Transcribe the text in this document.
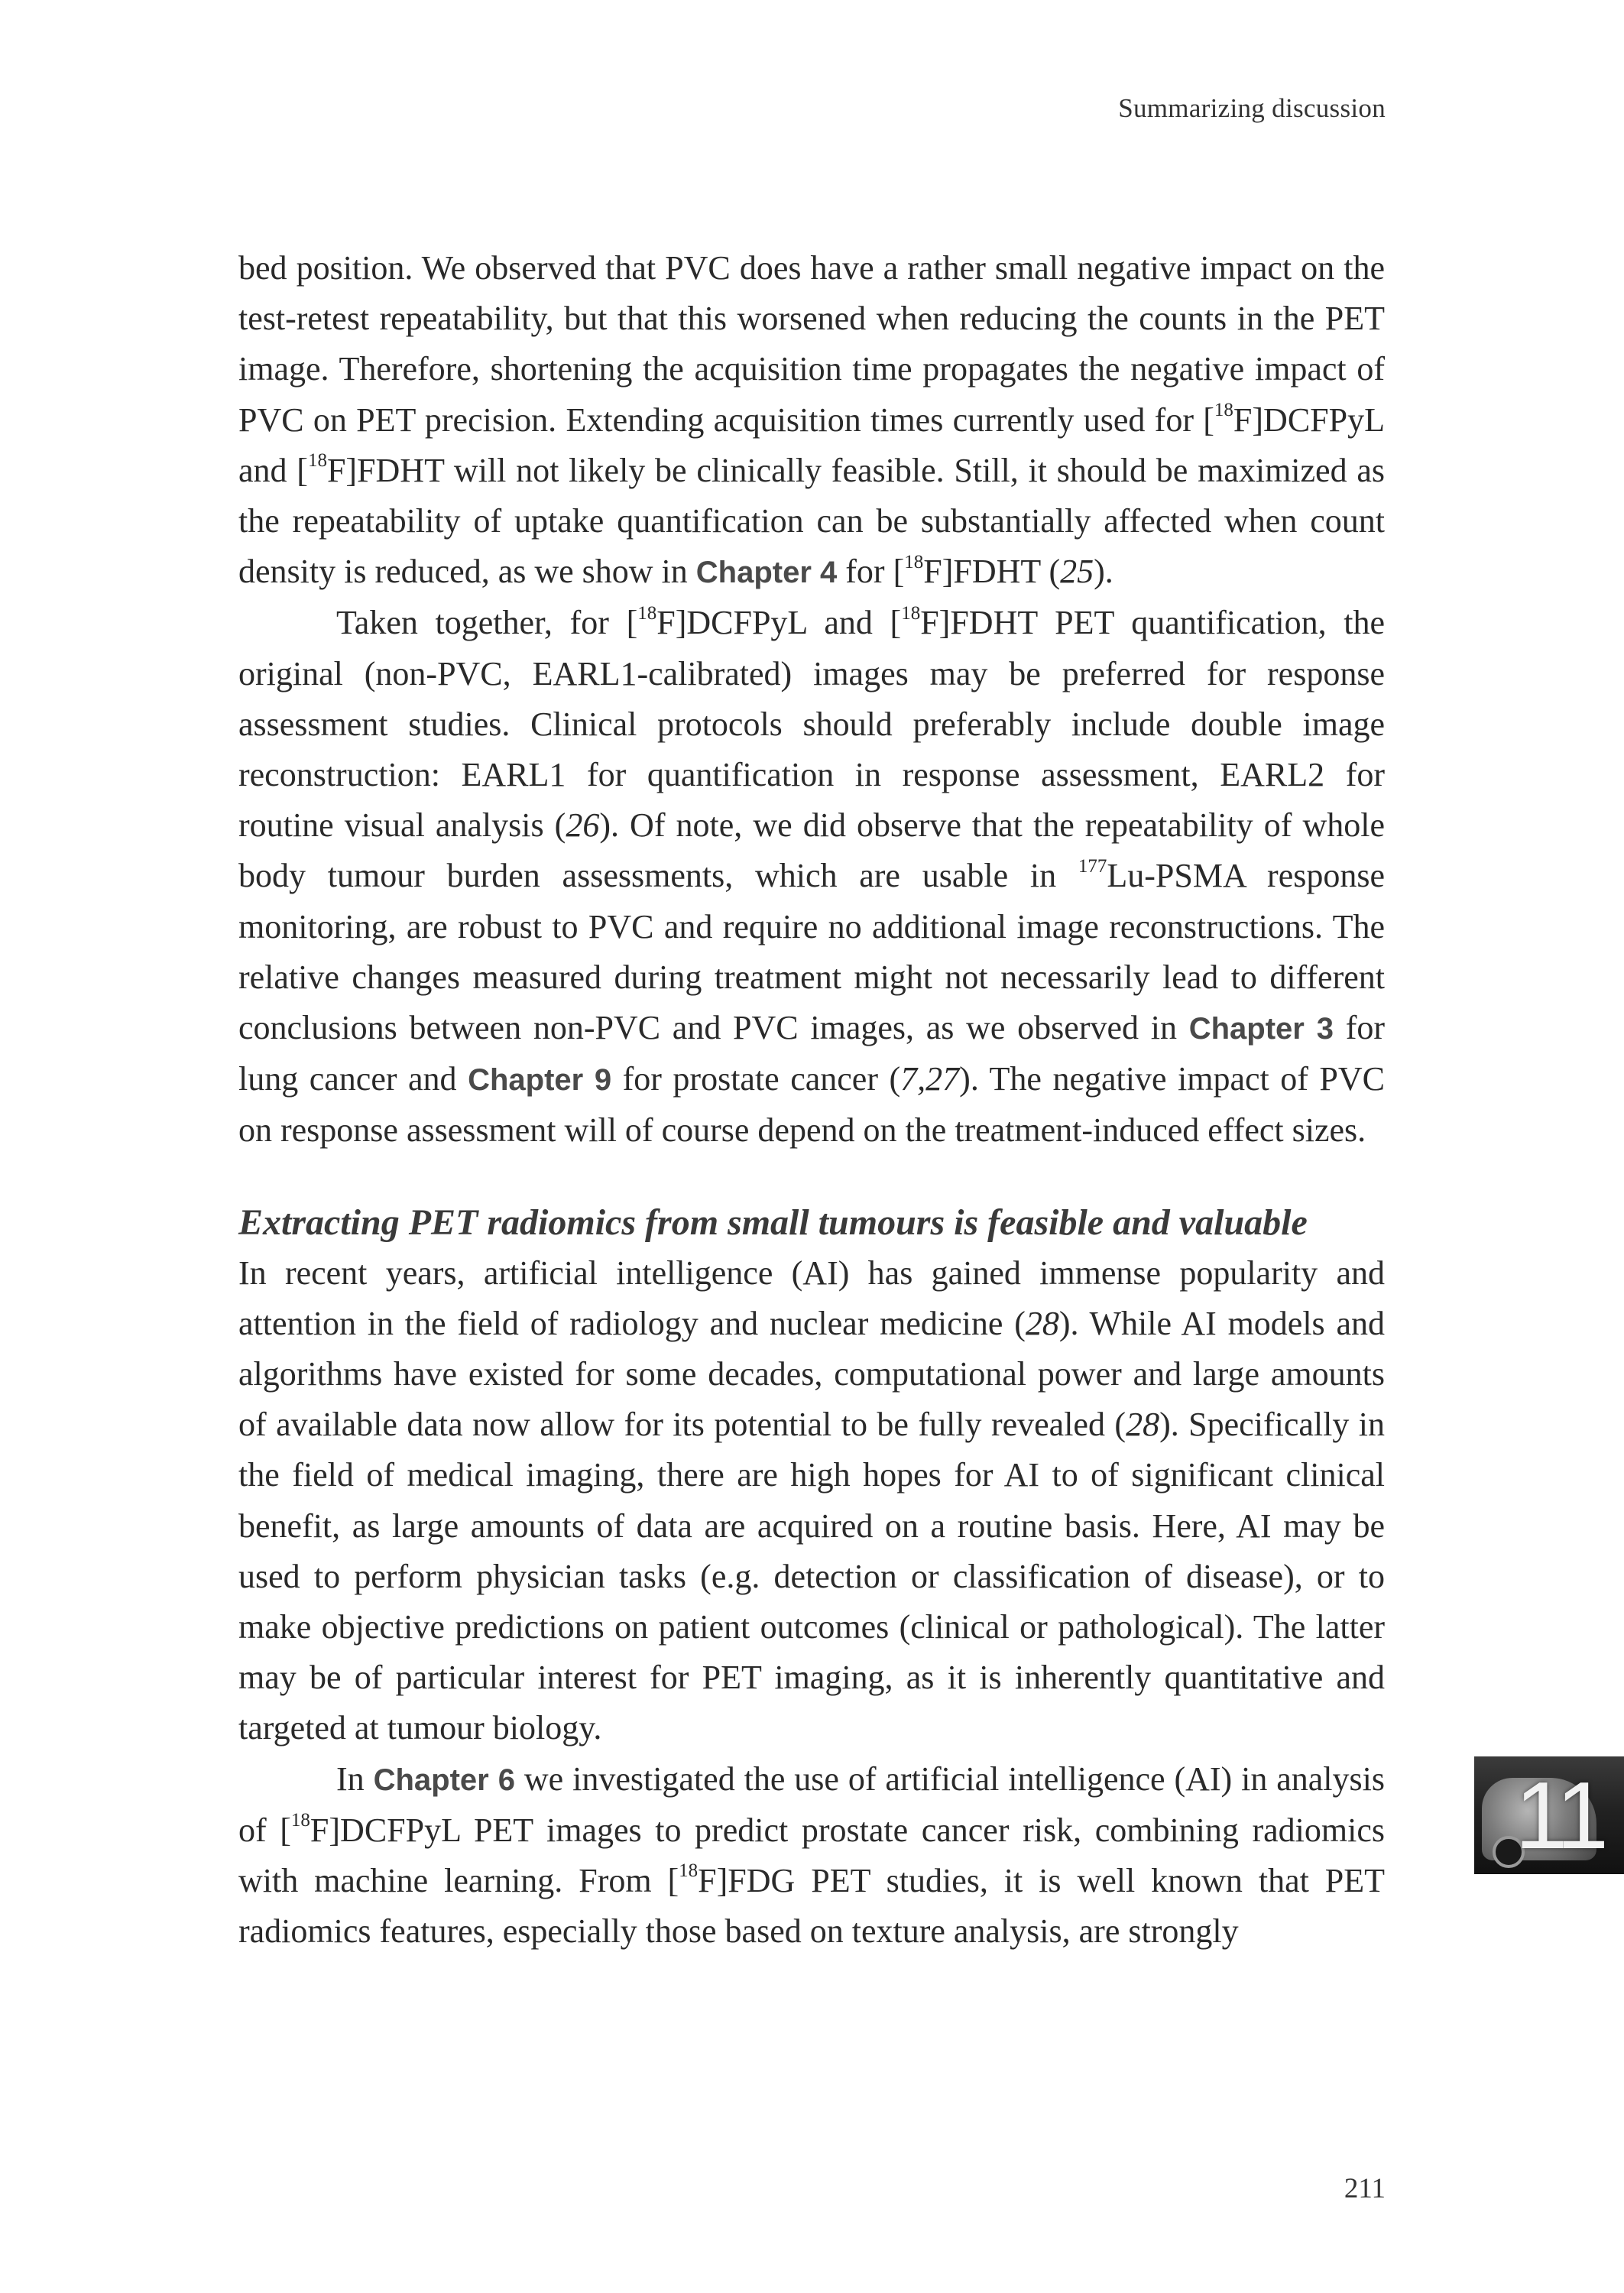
Summarizing discussion

bed position. We observed that PVC does have a rather small negative impact on the test-retest repeatability, but that this worsened when reducing the counts in the PET image. Therefore, shortening the acquisition time propagates the negative impact of PVC on PET precision. Extending acquisition times currently used for [$^{18}$F]DCFPyL and [$^{18}$F]FDHT will not likely be clinically feasible. Still, it should be maximized as the repeatability of uptake quantification can be substantially affected when count density is reduced, as we show in Chapter 4 for [$^{18}$F]FDHT (25).

Taken together, for [$^{18}$F]DCFPyL and [$^{18}$F]FDHT PET quantification, the original (non-PVC, EARL1-calibrated) images may be preferred for response assessment studies. Clinical protocols should preferably include double image reconstruction: EARL1 for quantification in response assessment, EARL2 for routine visual analysis (26). Of note, we did observe that the repeatability of whole body tumour burden assessments, which are usable in $^{177}$Lu-PSMA response monitoring, are robust to PVC and require no additional image reconstructions. The relative changes measured during treatment might not necessarily lead to different conclusions between non-PVC and PVC images, as we observed in Chapter 3 for lung cancer and Chapter 9 for prostate cancer (7,27). The negative impact of PVC on response assessment will of course depend on the treatment-induced effect sizes.

Extracting PET radiomics from small tumours is feasible and valuable

In recent years, artificial intelligence (AI) has gained immense popularity and attention in the field of radiology and nuclear medicine (28). While AI models and algorithms have existed for some decades, computational power and large amounts of available data now allow for its potential to be fully revealed (28). Specifically in the field of medical imaging, there are high hopes for AI to of significant clinical benefit, as large amounts of data are acquired on a routine basis. Here, AI may be used to perform physician tasks (e.g. detection or classification of disease), or to make objective predictions on patient outcomes (clinical or pathological). The latter may be of particular interest for PET imaging, as it is inherently quantitative and targeted at tumour biology.

In Chapter 6 we investigated the use of artificial intelligence (AI) in analysis of [$^{18}$F]DCFPyL PET images to predict prostate cancer risk, combining radiomics with machine learning. From [$^{18}$F]FDG PET studies, it is well known that PET radiomics features, especially those based on texture analysis, are strongly

11
211
